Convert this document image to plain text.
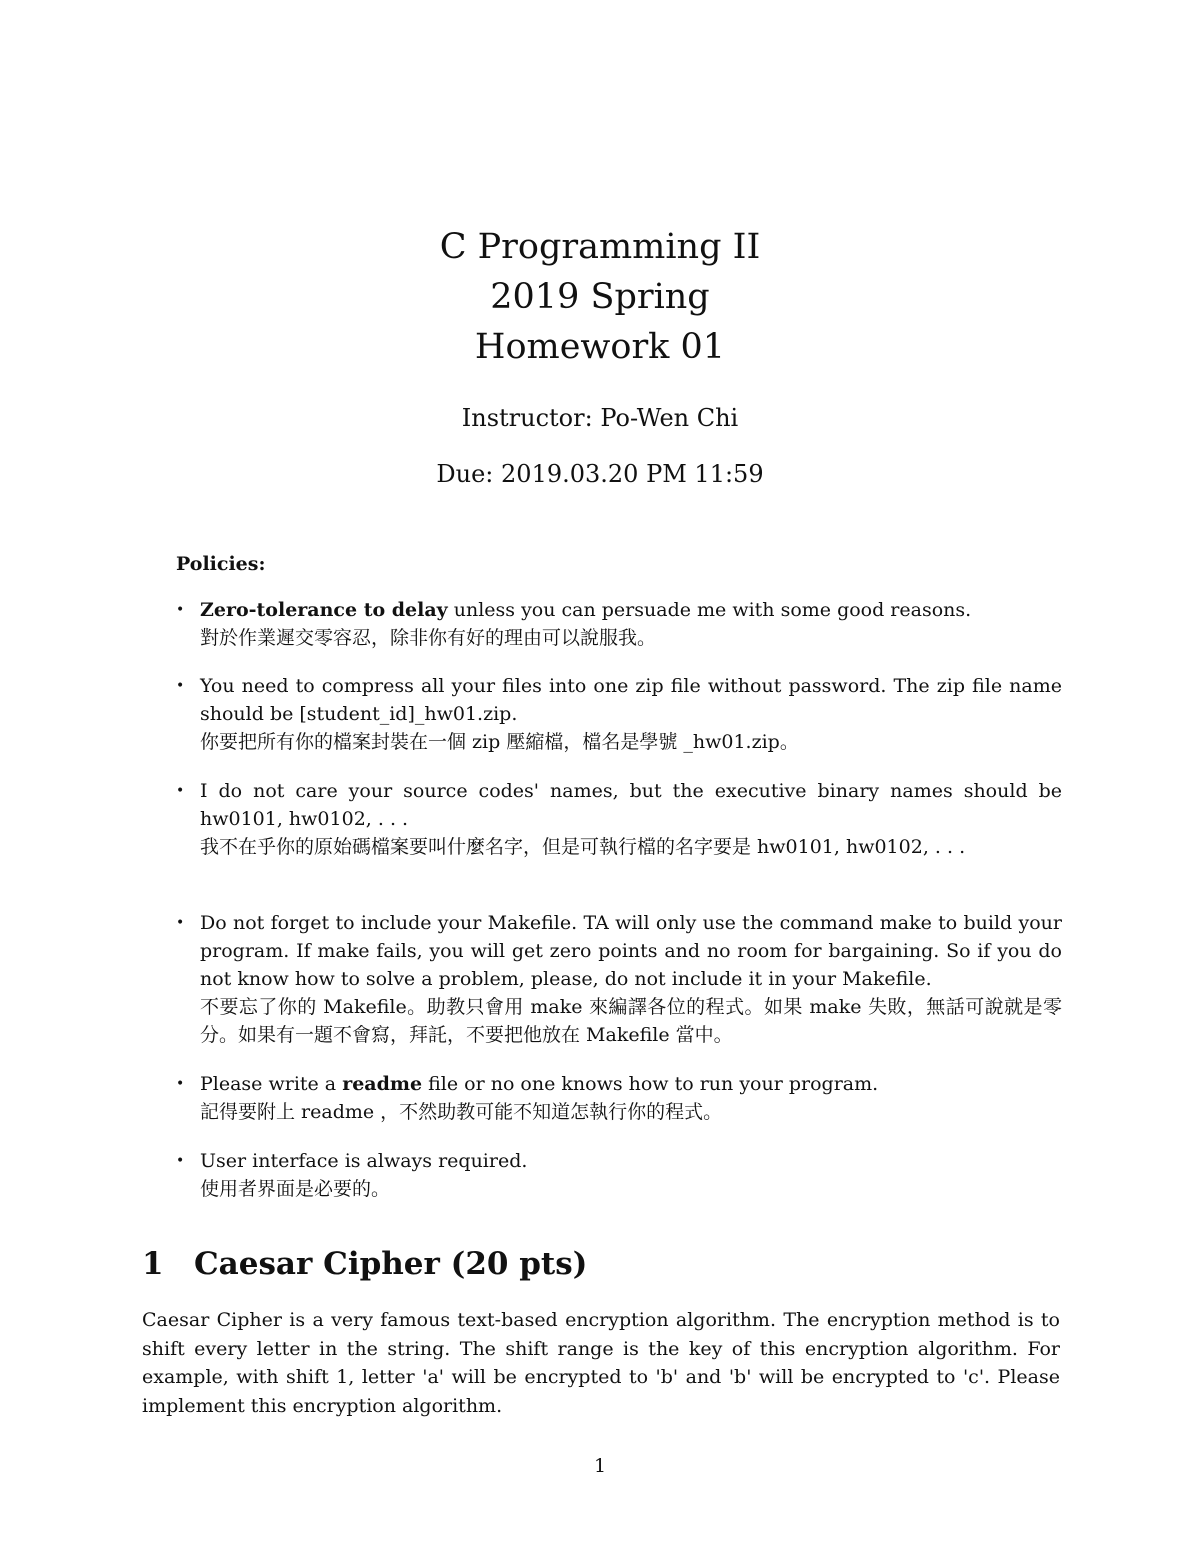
C Programming II

2019 Spring

Homework 01

Instructor: Po-Wen Chi

Due: 2019.03.20 PM 11:59

Policies:

• Zero-tolerance to delay unless you can persuade me with some good reasons.
對於作業遲交零容忍，除非你有好的理由可以說服我。
• You need to compress all your files into one zip file without password. The zip file name should be [student_id]_hw01.zip.
你要把所有你的檔案封裝在一個 zip 壓縮檔，檔名是學號 _hw01.zip。
• I do not care your source codes' names, but the executive binary names should be hw0101, hw0102, . . .
我不在乎你的原始碼檔案要叫什麼名字，但是可執行檔的名字要是 hw0101, hw0102, . . .
• Do not forget to include your Makefile. TA will only use the command make to build your program. If make fails, you will get zero points and no room for bargaining. So if you do not know how to solve a problem, please, do not include it in your Makefile.
不要忘了你的 Makefile。助教只會用 make 來編譯各位的程式。如果 make 失敗，無話可說就是零分。如果有一題不會寫，拜託，不要把他放在 Makefile 當中。
• Please write a readme file or no one knows how to run your program.
記得要附上 readme ，不然助教可能不知道怎執行你的程式。
• User interface is always required.
使用者界面是必要的。
1 Caesar Cipher (20 pts)

Caesar Cipher is a very famous text-based encryption algorithm. The encryption method is to shift every letter in the string. The shift range is the key of this encryption algorithm. For example, with shift 1, letter 'a' will be encrypted to 'b' and 'b' will be encrypted to 'c'. Please implement this encryption algorithm.

1
